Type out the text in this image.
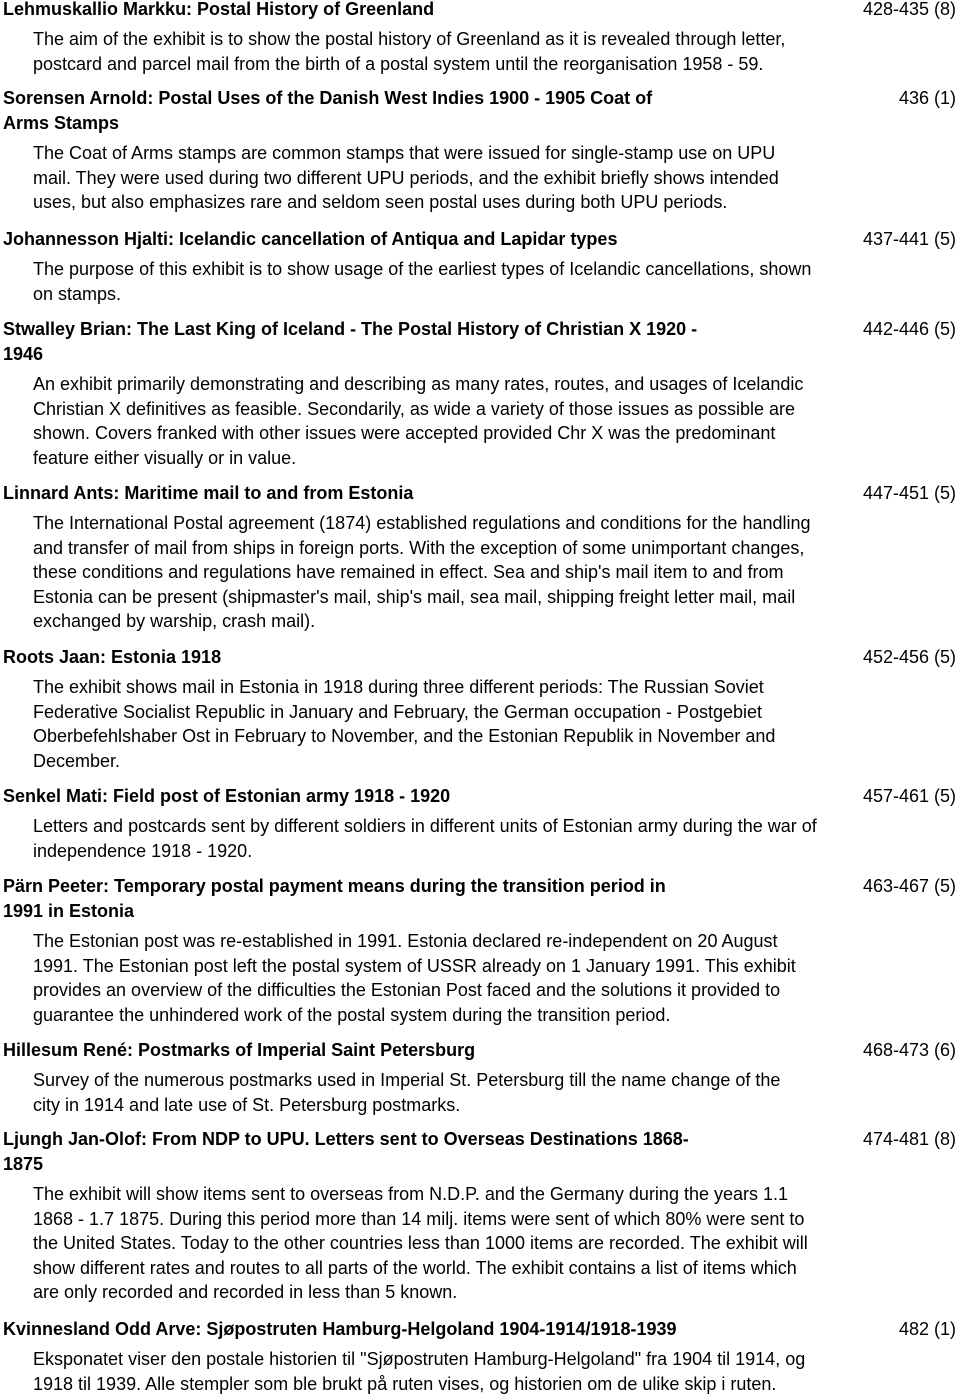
Lehmuskallio Markku: Postal History of Greenland	428-435 (8)
The aim of the exhibit is to show the postal history of Greenland as it is revealed through letter,
postcard and parcel mail from the birth of a postal system until the reorganisation 1958 - 59.
Sorensen Arnold: Postal Uses of the Danish West Indies 1900 - 1905 Coat of
Arms Stamps
436 (1)
The Coat of Arms stamps are common stamps that were issued for single-stamp use on UPU
mail. They were used during two different UPU periods, and the exhibit briefly shows intended
uses, but also emphasizes rare and seldom seen postal uses during both UPU periods.
Johannesson Hjalti: Icelandic cancellation of Antiqua and Lapidar types	437-441 (5)
The purpose of this exhibit is to show usage of the earliest types of Icelandic cancellations, shown
on stamps.
Stwalley Brian: The Last King of Iceland - The Postal History of Christian X 1920 -
1946
442-446 (5)
An exhibit primarily demonstrating and describing as many rates, routes, and usages of Icelandic
Christian X definitives as feasible. Secondarily, as wide a variety of those issues as possible are
shown. Covers franked with other issues were accepted provided Chr X was the predominant
feature either visually or in value.
Linnard Ants: Maritime mail to and from Estonia	447-451 (5)
The International Postal agreement (1874) established regulations and conditions for the handling
and transfer of mail from ships in foreign ports. With the exception of some unimportant changes,
these conditions and regulations have remained in effect. Sea and ship's mail item to and from
Estonia can be present (shipmaster's mail, ship's mail, sea mail, shipping freight letter mail, mail
exchanged by warship, crash mail).
Roots Jaan: Estonia 1918	452-456 (5)
The exhibit shows mail in Estonia in 1918 during three different periods: The Russian Soviet
Federative Socialist Republic in January and February, the German occupation - Postgebiet
Oberbefehlshaber Ost in February to November, and the Estonian Republik in November and
December.
Senkel Mati: Field post of Estonian army 1918 - 1920	457-461 (5)
Letters and postcards sent by different soldiers in different units of Estonian army during the war of
independence 1918 - 1920.
Pärn Peeter: Temporary postal payment means during the transition period in
1991 in Estonia
463-467 (5)
The Estonian post was re-established in 1991. Estonia declared re-independent on 20 August
1991. The Estonian post left the postal system of USSR already on 1 January 1991. This exhibit
provides an overview of the difficulties the Estonian Post faced and the solutions it provided to
guarantee the unhindered work of the postal system during the transition period.
Hillesum René: Postmarks of Imperial Saint Petersburg	468-473 (6)
Survey of the numerous postmarks used in Imperial St. Petersburg till the name change of the
city in 1914 and late use of St. Petersburg postmarks.
Ljungh Jan-Olof: From NDP to UPU. Letters sent to Overseas Destinations 1868-
1875
474-481 (8)
The exhibit will show items sent to overseas from N.D.P. and the Germany during the years 1.1
1868 - 1.7 1875. During this period more than 14 milj. items were sent of which 80% were sent to
the United States. Today to the other countries less than 1000 items are recorded. The exhibit will
show different rates and routes to all parts of the world. The exhibit contains a list of items which
are only recorded and recorded in less than 5 known.
Kvinnesland Odd Arve: Sjøpostruten Hamburg-Helgoland 1904-1914/1918-1939	482 (1)
Eksponatet viser den postale historien til "Sjøpostruten Hamburg-Helgoland" fra 1904 til 1914, og
1918 til 1939. Alle stempler som ble brukt på ruten vises, og historien om de ulike skip i ruten.
